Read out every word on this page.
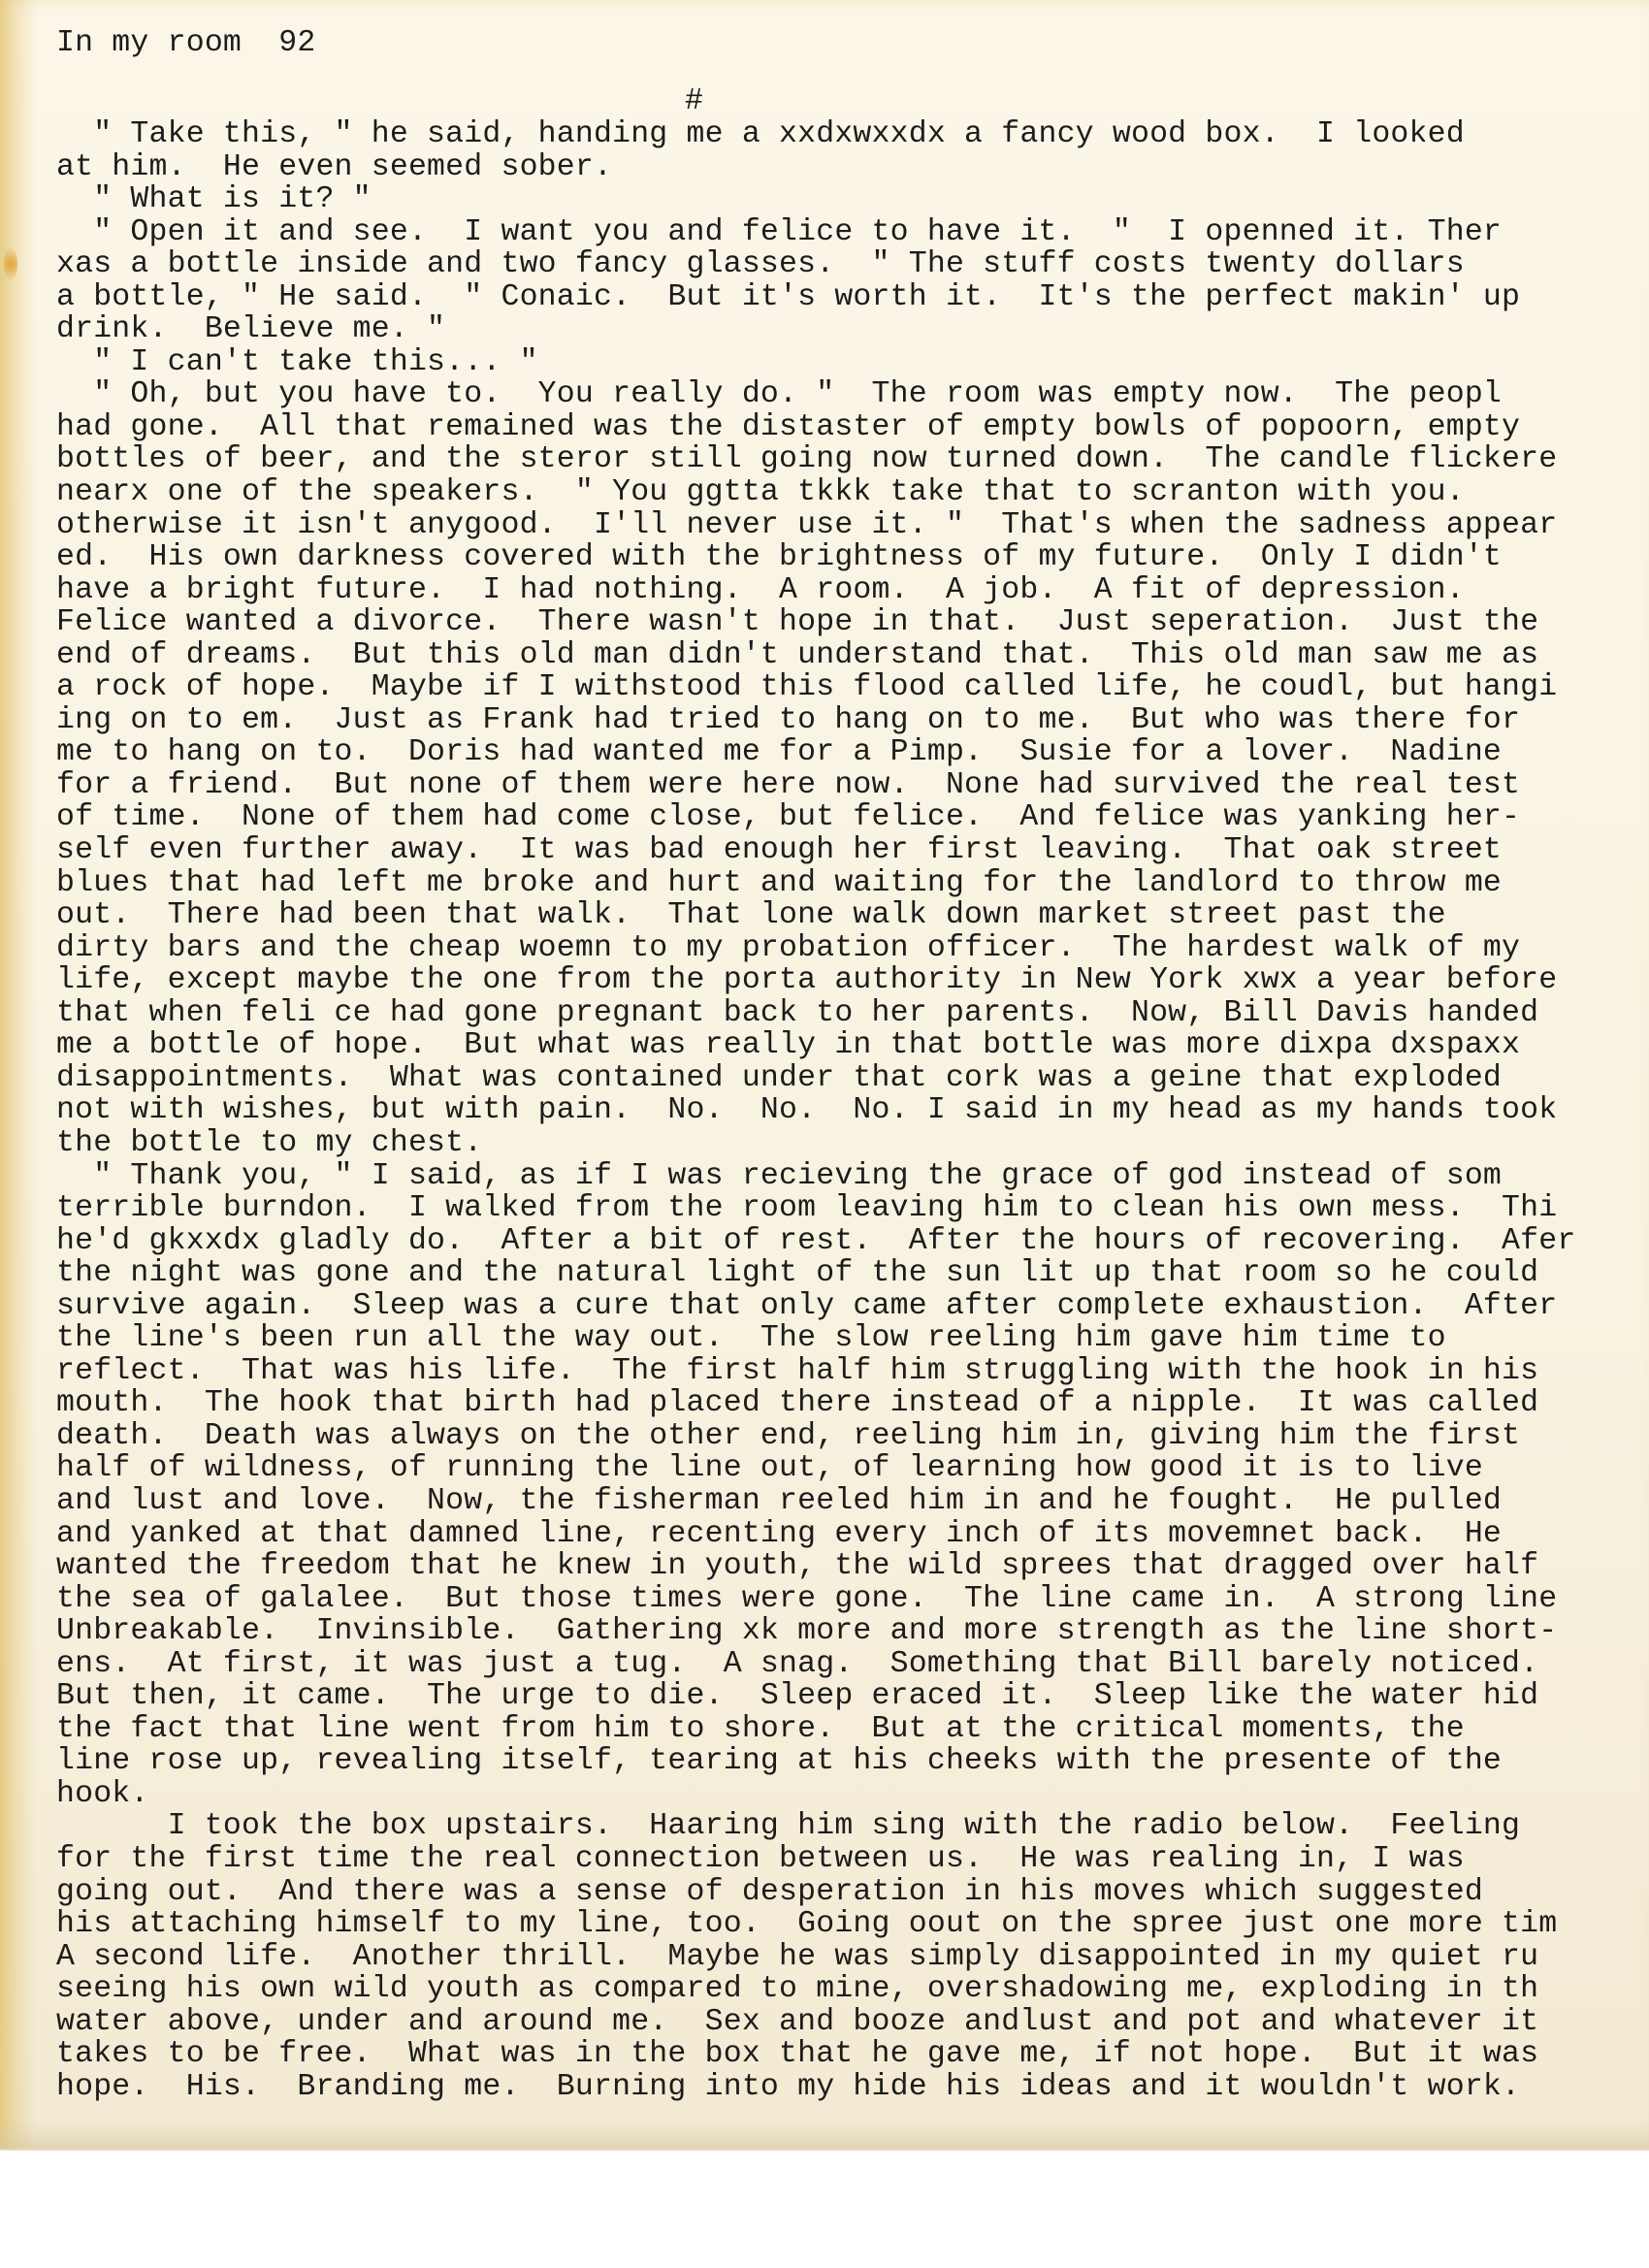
In my room 92
#
" Take this, " he said, handing me a xxdxwxxdx a fancy wood box.  I looked
at him.  He even seemed sober.
" What is it? "
" Open it and see.  I want you and felice to have it.  "  I openned it. Ther
xas a bottle inside and two fancy glasses.  " The stuff costs twenty dollars
a bottle, " He said.  " Conaic.  But it's worth it.  It's the perfect makin' up
drink.  Believe me. "
" I can't take this... "
" Oh, but you have to.  You really do. "  The room was empty now.  The peopl
had gone.  All that remained was the distaster of empty bowls of popoorn, empty
bottles of beer, and the steror still going now turned down.  The candle flickere
nearx one of the speakers.  " You ggtta tkkk take that to scranton with you.
otherwise it isn't anygood.  I'll never use it. "  That's when the sadness appear
ed.  His own darkness covered with the brightness of my future.  Only I didn't
have a bright future.  I had nothing.  A room.  A job.  A fit of depression.
Felice wanted a divorce.  There wasn't hope in that.  Just seperation.  Just the
end of dreams.  But this old man didn't understand that.  This old man saw me as
a rock of hope.  Maybe if I withstood this flood called life, he coudl, but hangi
ing on to em.  Just as Frank had tried to hang on to me.  But who was there for
me to hang on to.  Doris had wanted me for a Pimp.  Susie for a lover.  Nadine
for a friend.  But none of them were here now.  None had survived the real test
of time.  None of them had come close, but felice.  And felice was yanking her-
self even further away.  It was bad enough her first leaving.  That oak street
blues that had left me broke and hurt and waiting for the landlord to throw me
out.  There had been that walk.  That lone walk down market street past the
dirty bars and the cheap woemn to my probation officer.  The hardest walk of my
life, except maybe the one from the porta authority in New York xwx a year before
that when feli ce had gone pregnant back to her parents.  Now, Bill Davis handed
me a bottle of hope.  But what was really in that bottle was more dixpa dxspaxx
disappointments.  What was contained under that cork was a geine that exploded
not with wishes, but with pain.  No.  No.  No. I said in my head as my hands took
the bottle to my chest.
" Thank you, " I said, as if I was recieving the grace of god instead of som
terrible burndon.  I walked from the room leaving him to clean his own mess.  Thi
he'd gkxxdx gladly do.  After a bit of rest.  After the hours of recovering.  Afer
the night was gone and the natural light of the sun lit up that room so he could
survive again.  Sleep was a cure that only came after complete exhaustion.  After
the line's been run all the way out.  The slow reeling him gave him time to
reflect.  That was his life.  The first half him struggling with the hook in his
mouth.  The hook that birth had placed there instead of a nipple.  It was called
death.  Death was always on the other end, reeling him in, giving him the first
half of wildness, of running the line out, of learning how good it is to live
and lust and love.  Now, the fisherman reeled him in and he fought.  He pulled
and yanked at that damned line, recenting every inch of its movemnet back.  He
wanted the freedom that he knew in youth, the wild sprees that dragged over half
the sea of galalee.  But those times were gone.  The line came in.  A strong line
Unbreakable.  Invinsible.  Gathering xk more and more strength as the line short-
ens.  At first, it was just a tug.  A snag.  Something that Bill barely noticed.
But then, it came.  The urge to die.  Sleep eraced it.  Sleep like the water hid
the fact that line went from him to shore.  But at the critical moments, the
line rose up, revealing itself, tearing at his cheeks with the presente of the
hook.
I took the box upstairs.  Haaring him sing with the radio below.  Feeling
for the first time the real connection between us.  He was realing in, I was
going out.  And there was a sense of desperation in his moves which suggested
his attaching himself to my line, too.  Going oout on the spree just one more tim
A second life.  Another thrill.  Maybe he was simply disappointed in my quiet ru
seeing his own wild youth as compared to mine, overshadowing me, exploding in th
water above, under and around me.  Sex and booze andlust and pot and whatever it
takes to be free.  What was in the box that he gave me, if not hope.  But it was
hope.  His.  Branding me.  Burning into my hide his ideas and it wouldn't work.
